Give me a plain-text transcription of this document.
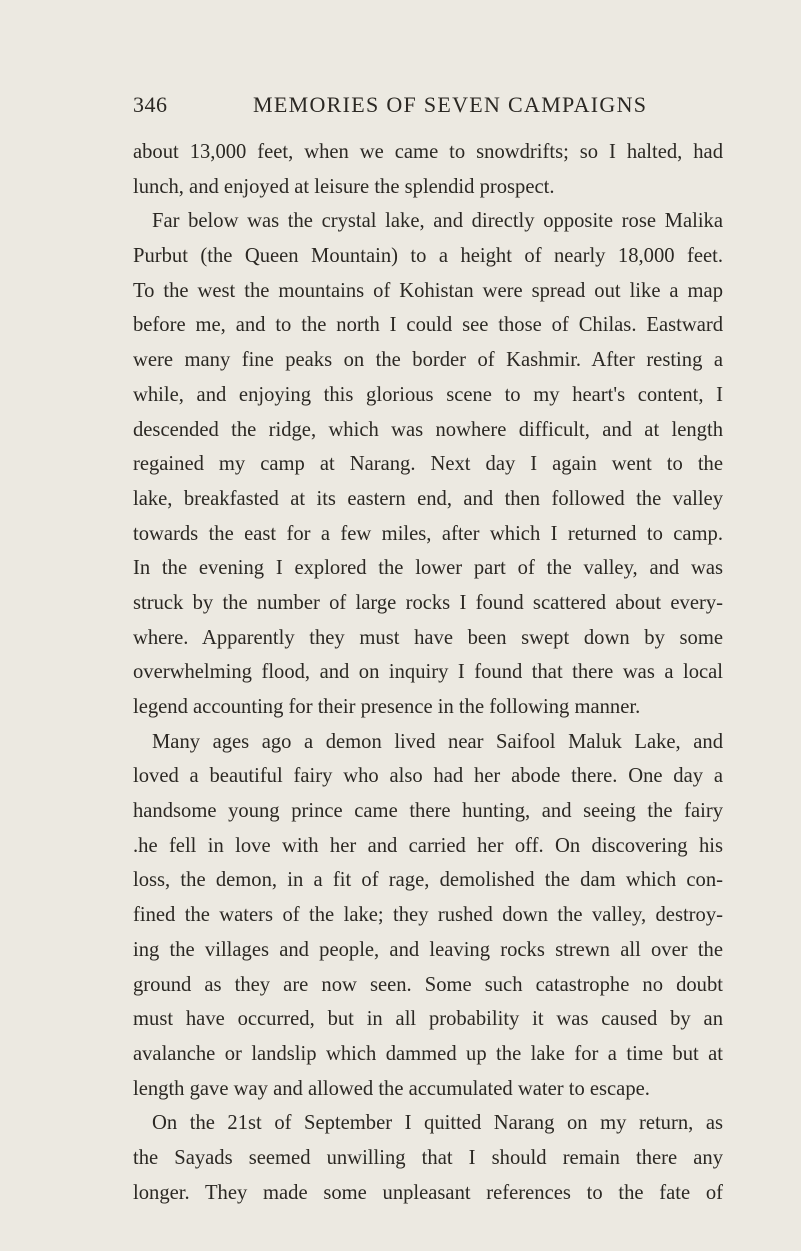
346	MEMORIES OF SEVEN CAMPAIGNS
about 13,000 feet, when we came to snowdrifts; so I halted, had
lunch, and enjoyed at leisure the splendid prospect.
Far below was the crystal lake, and directly opposite rose Malika
Purbut (the Queen Mountain) to a height of nearly 18,000 feet.
To the west the mountains of Kohistan were spread out like a map
before me, and to the north I could see those of Chilas. Eastward
were many fine peaks on the border of Kashmir. After resting a
while, and enjoying this glorious scene to my heart's content, I
descended the ridge, which was nowhere difficult, and at length
regained my camp at Narang. Next day I again went to the
lake, breakfasted at its eastern end, and then followed the valley
towards the east for a few miles, after which I returned to camp.
In the evening I explored the lower part of the valley, and was
struck by the number of large rocks I found scattered about every-
where. Apparently they must have been swept down by some
overwhelming flood, and on inquiry I found that there was a local
legend accounting for their presence in the following manner.
Many ages ago a demon lived near Saifool Maluk Lake, and
loved a beautiful fairy who also had her abode there. One day a
handsome young prince came there hunting, and seeing the fairy
.he fell in love with her and carried her off. On discovering his
loss, the demon, in a fit of rage, demolished the dam which con-
fined the waters of the lake; they rushed down the valley, destroy-
ing the villages and people, and leaving rocks strewn all over the
ground as they are now seen. Some such catastrophe no doubt
must have occurred, but in all probability it was caused by an
avalanche or landslip which dammed up the lake for a time but at
length gave way and allowed the accumulated water to escape.
On the 21st of September I quitted Narang on my return, as
the Sayads seemed unwilling that I should remain there any
longer. They made some unpleasant references to the fate of
